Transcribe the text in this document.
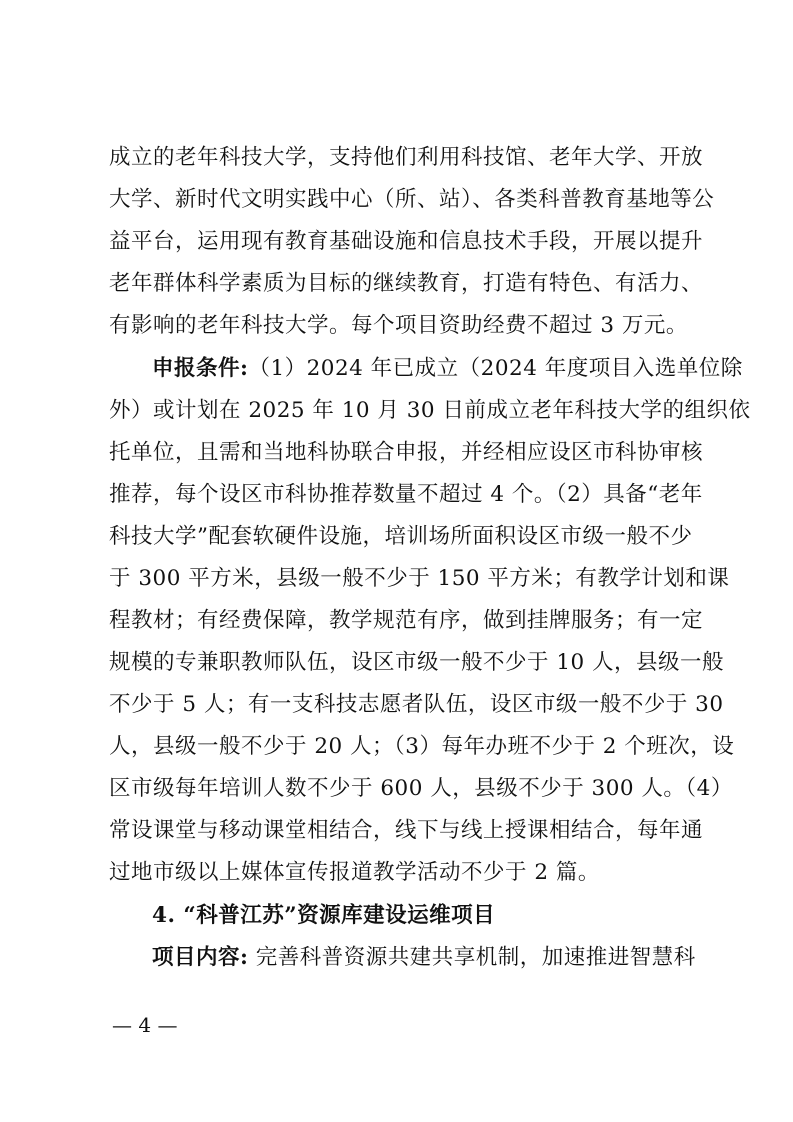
成立的老年科技大学，支持他们利用科技馆、老年大学、开放
大学、新时代文明实践中心（所、站）、各类科普教育基地等公
益平台，运用现有教育基础设施和信息技术手段，开展以提升
老年群体科学素质为目标的继续教育，打造有特色、有活力、
有影响的老年科技大学。每个项目资助经费不超过 3 万元。
申报条件:（1）2024 年已成立（2024 年度项目入选单位除
外）或计划在 2025 年 10 月 30 日前成立老年科技大学的组织依
托单位，且需和当地科协联合申报，并经相应设区市科协审核
推荐，每个设区市科协推荐数量不超过 4 个。（2）具备“老年
科技大学”配套软硬件设施，培训场所面积设区市级一般不少
于 300 平方米，县级一般不少于 150 平方米；有教学计划和课
程教材；有经费保障，教学规范有序，做到挂牌服务；有一定
规模的专兼职教师队伍，设区市级一般不少于 10 人，县级一般
不少于 5 人；有一支科技志愿者队伍，设区市级一般不少于 30
人，县级一般不少于 20 人；（3）每年办班不少于 2 个班次，设
区市级每年培训人数不少于 600 人，县级不少于 300 人。（4）
常设课堂与移动课堂相结合，线下与线上授课相结合，每年通
过地市级以上媒体宣传报道教学活动不少于 2 篇。
4. “科普江苏”资源库建设运维项目
项目内容: 完善科普资源共建共享机制，加速推进智慧科
— 4 —
